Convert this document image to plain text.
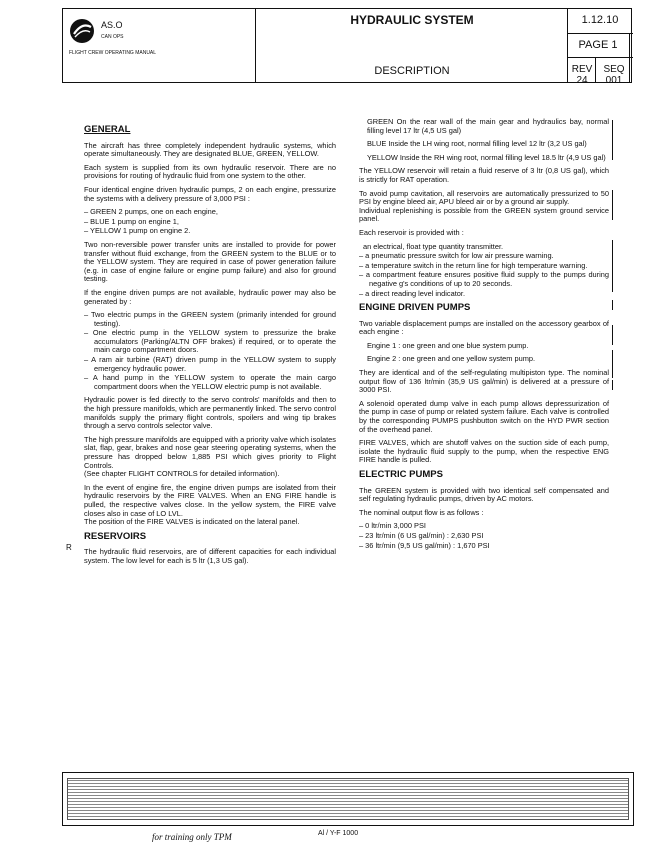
AS.O
CAN OPS
FLIGHT CREW OPERATING MANUAL
HYDRAULIC SYSTEM
DESCRIPTION
1.12.10
PAGE 1
REV 24
SEQ 001
GENERAL

The aircraft has three completely independent hydraulic systems, which operate simultaneously. They are designated BLUE, GREEN, YELLOW.

Each system is supplied from its own hydraulic reservoir. There are no provisions for routing of hydraulic fluid from one system to the other.

Four identical engine driven hydraulic pumps, 2 on each engine, pressurize the systems with a delivery pressure of 3,000 PSI :

– GREEN 2 pumps, one on each engine,
– BLUE 1 pump on engine 1,
– YELLOW 1 pump on engine 2.

Two non-reversible power transfer units are installed to provide for power transfer without fluid exchange, from the GREEN system to the BLUE or to the YELLOW system. They are required in case of power generation failure (e.g. in case of engine failure or engine pump failure) and also for ground testing.

If the engine driven pumps are not available, hydraulic power may also be generated by :

– Two electric pumps in the GREEN system (primarily intended for ground testing).
– One electric pump in the YELLOW system to pressurize the brake accumulators (Parking/ALTN OFF brakes) if required, or to operate the main cargo compartment doors.
– A ram air turbine (RAT) driven pump in the YELLOW system to supply emergency hydraulic power.
– A hand pump in the YELLOW system to operate the main cargo compartment doors when the YELLOW electric pump is not available.

Hydraulic power is fed directly to the servo controls' manifolds and then to the high pressure manifolds, which are permanently linked. The servo control manifolds supply the primary flight controls, spoilers and wing tip brakes through a servo controls selector valve.

The high pressure manifolds are equipped with a priority valve which isolates slat, flap, gear, brakes and nose gear steering operating systems, when the pressure has dropped below 1,885 PSI which gives priority to Flight Controls.

(See chapter FLIGHT CONTROLS for detailed information).

In the event of engine fire, the engine driven pumps are isolated from their hydraulic reservoirs by the FIRE VALVES. When an ENG FIRE handle is pulled, the respective valves close. In the yellow system, the FIRE valve closes also in case of LO LVL.

The position of the FIRE VALVES is indicated on the lateral panel.

RESERVOIRS

The hydraulic fluid reservoirs, are of different capacities for each individual system. The low level for each is 5 ltr (1,3 US gal).

R

GREEN On the rear wall of the main gear and hydraulics bay, normal filling level 17 ltr (4,5 US gal)

BLUE Inside the LH wing root, normal filling level 12 ltr (3,2 US gal)

YELLOW Inside the RH wing root, normal filling level 18.5 ltr (4,9 US gal)

The YELLOW reservoir will retain a fluid reserve of 3 ltr (0,8 US gal), which is strictly for RAT operation.

To avoid pump cavitation, all reservoirs are automatically pressurized to 50 PSI by engine bleed air, APU bleed air or by a ground air supply.

Individual replenishing is possible from the GREEN system ground service panel.

Each reservoir is provided with :

an electrical, float type quantity transmitter.
– a pneumatic pressure switch for low air pressure warning.
– a temperature switch in the return line for high temperature warning.
– a compartment feature ensures positive fluid supply to the pumps during negative g's conditions of up to 20 seconds.
– a direct reading level indicator.
ENGINE DRIVEN PUMPS

Two variable displacement pumps are installed on the accessory gearbox of each engine :

Engine 1 : one green and one blue system pump.

Engine 2 : one green and one yellow system pump.

They are identical and of the self-regulating multipiston type. The nominal output flow of 136 ltr/min (35,9 US gal/min) is delivered at a pressure of 3000 PSI.

A solenoid operated dump valve in each pump allows depressurization of the pump in case of pump or related system failure. Each valve is controlled by the corresponding PUMPS pushbutton switch on the HYD PWR section of the overhead panel.

FIRE VALVES, which are shutoff valves on the suction side of each pump, isolate the hydraulic fluid supply to the pump, when the respective ENG FIRE handle is pulled.

ELECTRIC PUMPS

The GREEN system is provided with two identical self compensated and self regulating hydraulic pumps, driven by AC motors.

The nominal output flow is as follows :

– 0 ltr/min 3,000 PSI
– 23 ltr/min (6 US gal/min) : 2,630 PSI
– 36 ltr/min (9,5 US gal/min) : 1,670 PSI
for training only TPM	Al / Y-F 1000
